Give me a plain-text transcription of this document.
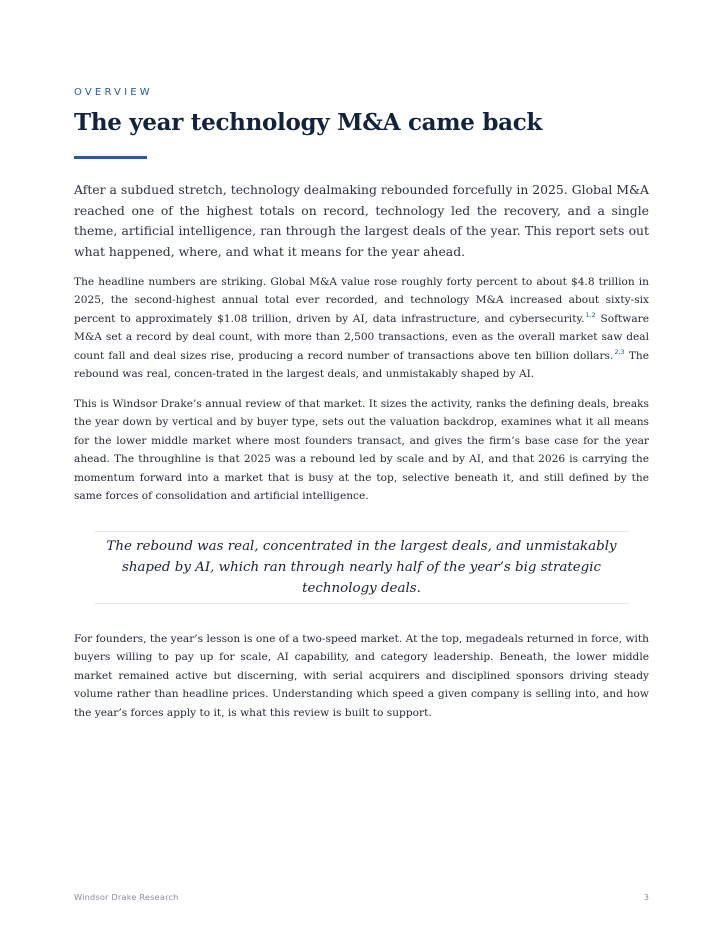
OVERVIEW
The year technology M&A came back

After a subdued stretch, technology dealmaking rebounded forcefully in 2025. Global M&A reached one of the highest totals on record, technology led the recovery, and a single theme, artificial intelligence, ran through the largest deals of the year. This report sets out what happened, where, and what it means for the year ahead.

The headline numbers are striking. Global M&A value rose roughly forty percent to about $4.8 trillion in 2025, the second-highest annual total ever recorded, and technology M&A increased about sixty-six percent to approximately $1.08 trillion, driven by AI, data infrastructure, and cybersecurity.$^{1,2}$ Software M&A set a record by deal count, with more than 2,500 transactions, even as the overall market saw deal count fall and deal sizes rise, producing a record number of transactions above ten billion dollars.$^{2,3}$ The rebound was real, concen-trated in the largest deals, and unmistakably shaped by AI.

This is Windsor Drake’s annual review of that market. It sizes the activity, ranks the defining deals, breaks the year down by vertical and by buyer type, sets out the valuation backdrop, examines what it all means for the lower middle market where most founders transact, and gives the firm’s base case for the year ahead. The throughline is that 2025 was a rebound led by scale and by AI, and that 2026 is carrying the momentum forward into a market that is busy at the top, selective beneath it, and still defined by the same forces of consolidation and artificial intelligence.

The rebound was real, concentrated in the largest deals, and unmistakably shaped by AI, which ran through nearly half of the year’s big strategic technology deals.

For founders, the year’s lesson is one of a two-speed market. At the top, megadeals returned in force, with buyers willing to pay up for scale, AI capability, and category leadership. Beneath, the lower middle market remained active but discerning, with serial acquirers and disciplined sponsors driving steady volume rather than headline prices. Understanding which speed a given company is selling into, and how the year’s forces apply to it, is what this review is built to support.

Windsor Drake Research	3
